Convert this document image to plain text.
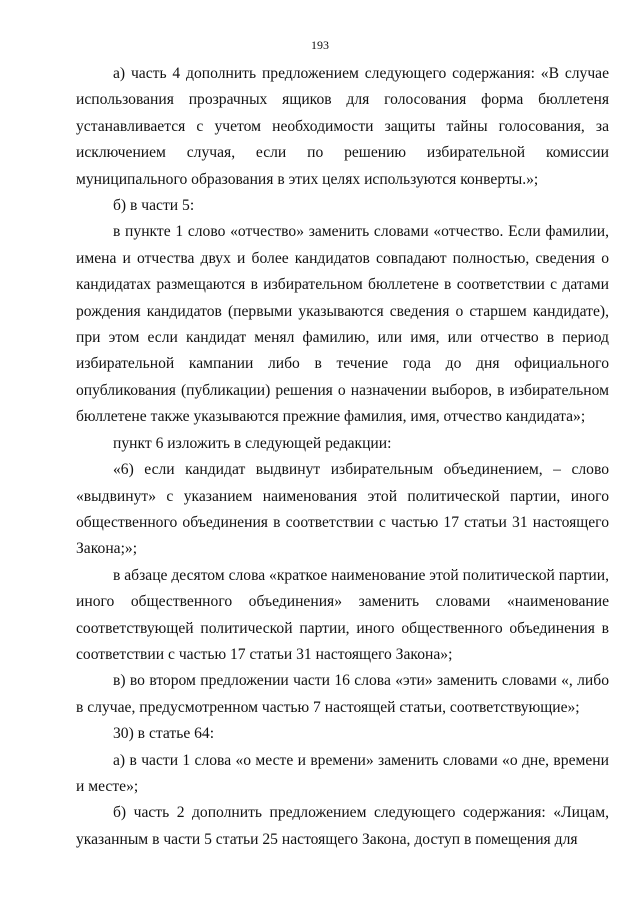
193

а) часть 4 дополнить предложением следующего содержания: «В случае использования прозрачных ящиков для голосования форма бюллетеня устанавливается с учетом необходимости защиты тайны голосования, за исключением случая, если по решению избирательной комиссии муниципального образования в этих целях используются конверты.»;

б) в части 5:

в пункте 1 слово «отчество» заменить словами «отчество. Если фамилии, имена и отчества двух и более кандидатов совпадают полностью, сведения о кандидатах размещаются в избирательном бюллетене в соответствии с датами рождения кандидатов (первыми указываются сведения о старшем кандидате), при этом если кандидат менял фамилию, или имя, или отчество в период избирательной кампании либо в течение года до дня официального опубликования (публикации) решения о назначении выборов, в избирательном бюллетене также указываются прежние фамилия, имя, отчество кандидата»;

пункт 6 изложить в следующей редакции:

«6) если кандидат выдвинут избирательным объединением, – слово «выдвинут» с указанием наименования этой политической партии, иного общественного объединения в соответствии с частью 17 статьи 31 настоящего Закона;»;

в абзаце десятом слова «краткое наименование этой политической партии, иного общественного объединения» заменить словами «наименование соответствующей политической партии, иного общественного объединения в соответствии с частью 17 статьи 31 настоящего Закона»;

в) во втором предложении части 16 слова «эти» заменить словами «, либо в случае, предусмотренном частью 7 настоящей статьи, соответствующие»;

30) в статье 64:

а) в части 1 слова «о месте и времени» заменить словами «о дне, времени и месте»;

б) часть 2 дополнить предложением следующего содержания: «Лицам, указанным в части 5 статьи 25 настоящего Закона, доступ в помещения для
